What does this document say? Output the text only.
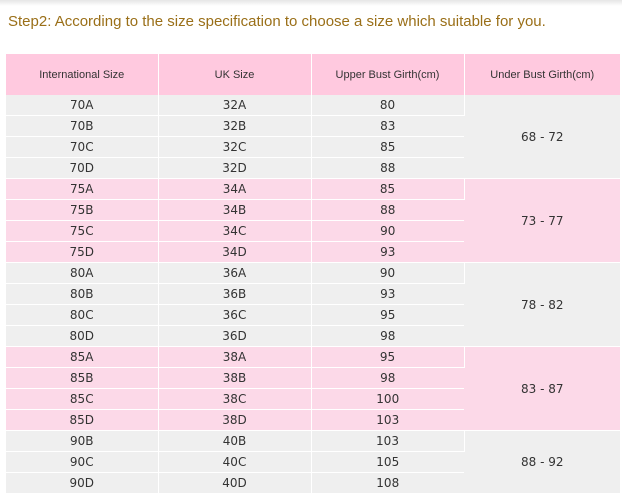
Step2: According to the size specification to choose a size which suitable for you.
International Size	UK Size	Upper Bust Girth(cm)	Under Bust Girth(cm)
70A	32A	80	68 - 72
70B	32B	83	
70C	32C	85	
70D	32D	88	
75A	34A	85	73 - 77
75B	34B	88	
75C	34C	90	
75D	34D	93	
80A	36A	90	78 - 82
80B	36B	93	
80C	36C	95	
80D	36D	98	
85A	38A	95	83 - 87
85B	38B	98	
85C	38C	100	
85D	38D	103	
90B	40B	103	88 - 92
90C	40C	105	
90D	40D	108	
